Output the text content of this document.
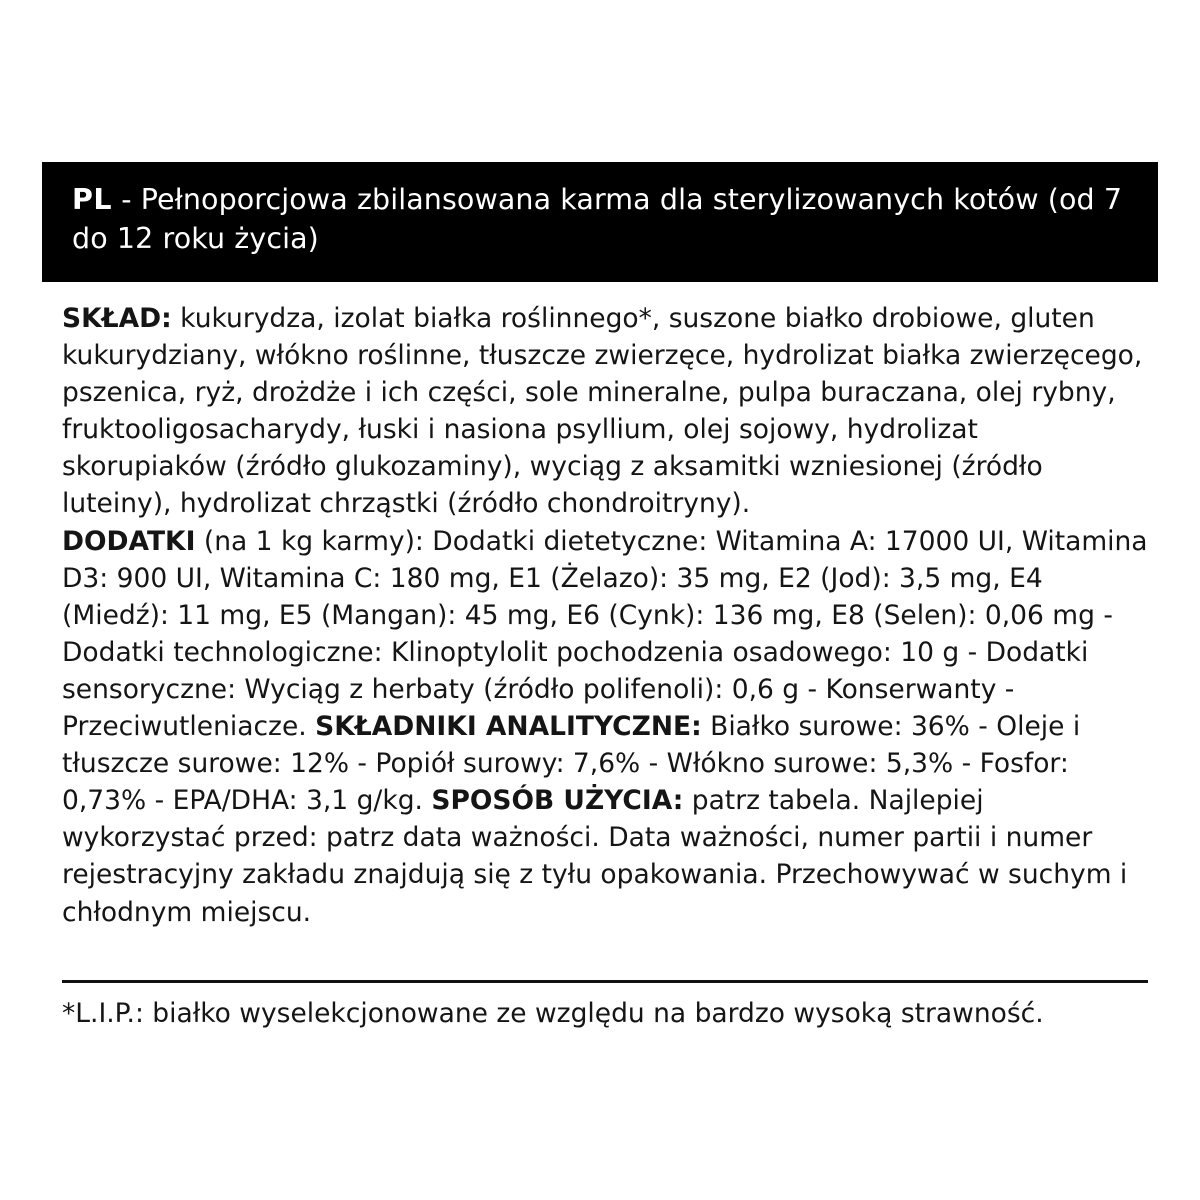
PL - Pełnoporcjowa zbilansowana karma dla sterylizowanych kotów (od 7 do 12 roku życia)

SKŁAD: kukurydza, izolat białka roślinnego*, suszone białko drobiowe, gluten kukurydziany, włókno roślinne, tłuszcze zwierzęce, hydrolizat białka zwierzęcego, pszenica, ryż, drożdże i ich części, sole mineralne, pulpa buraczana, olej rybny, fruktooligosacharydy, łuski i nasiona psyllium, olej sojowy, hydrolizat skorupiaków (źródło glukozaminy), wyciąg z aksamitki wzniesionej (źródło luteiny), hydrolizat chrząstki (źródło chondroitryny).

DODATKI (na 1 kg karmy): Dodatki dietetyczne: Witamina A: 17000 UI, Witamina D3: 900 UI, Witamina C: 180 mg, E1 (Żelazo): 35 mg, E2 (Jod): 3,5 mg, E4 (Miedź): 11 mg, E5 (Mangan): 45 mg, E6 (Cynk): 136 mg, E8 (Selen): 0,06 mg - Dodatki technologiczne: Klinoptylolit pochodzenia osadowego: 10 g - Dodatki sensoryczne: Wyciąg z herbaty (źródło polifenoli): 0,6 g - Konserwanty - Przeciwutleniacze. SKŁADNIKI ANALITYCZNE: Białko surowe: 36% - Oleje i tłuszcze surowe: 12% - Popiół surowy: 7,6% - Włókno surowe: 5,3% - Fosfor: 0,73% - EPA/DHA: 3,1 g/kg. SPOSÓB UŻYCIA: patrz tabela. Najlepiej wykorzystać przed: patrz data ważności. Data ważności, numer partii i numer rejestracyjny zakładu znajdują się z tyłu opakowania. Przechowywać w suchym i chłodnym miejscu.

*L.I.P.: białko wyselekcjonowane ze względu na bardzo wysoką strawność.
